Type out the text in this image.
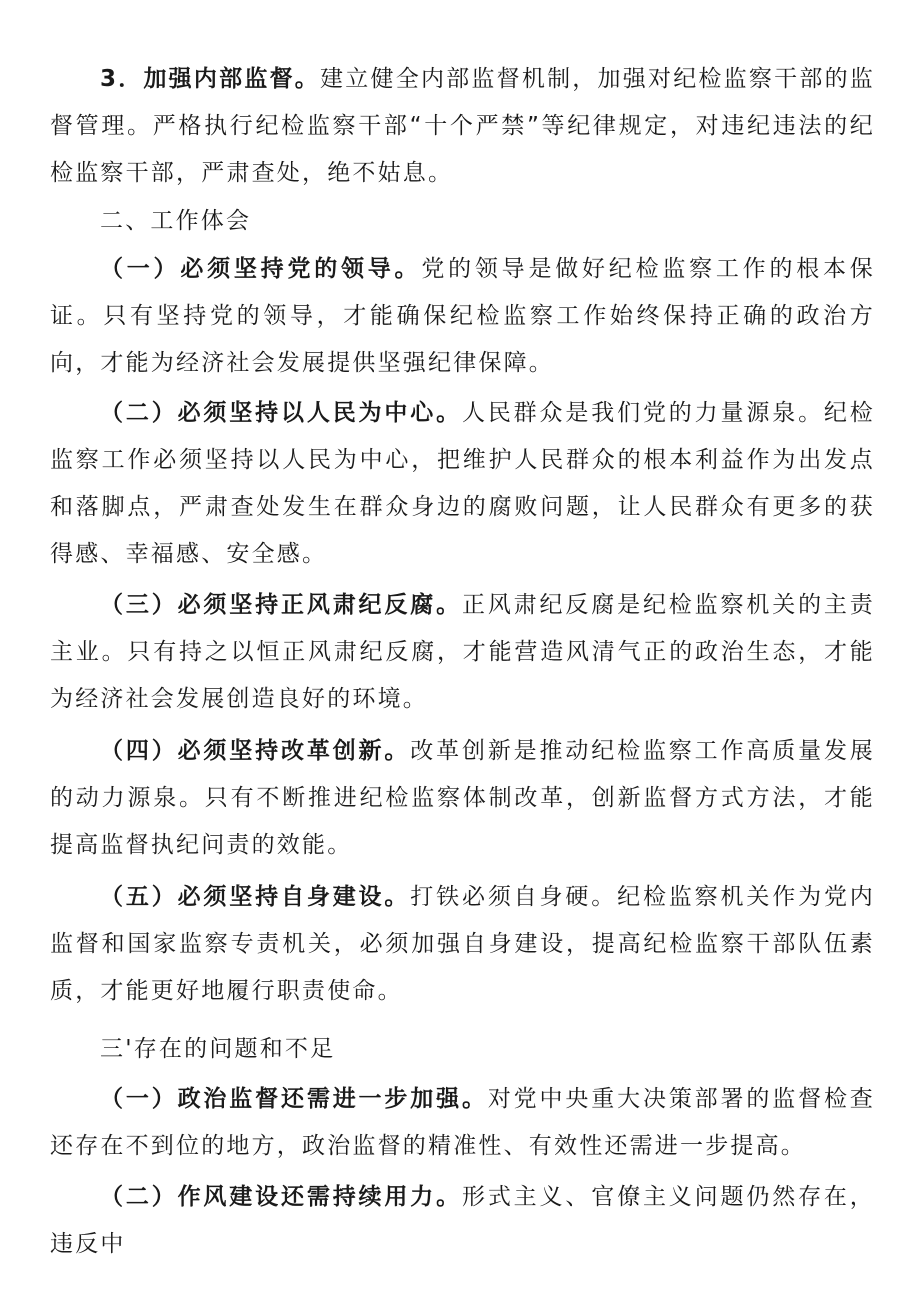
3．加强内部监督。建立健全内部监督机制，加强对纪检监察干部的监督管理。严格执行纪检监察干部“十个严禁”等纪律规定，对违纪违法的纪检监察干部，严肃查处，绝不姑息。

二、工作体会

（一）必须坚持党的领导。党的领导是做好纪检监察工作的根本保证。只有坚持党的领导，才能确保纪检监察工作始终保持正确的政治方向，才能为经济社会发展提供坚强纪律保障。

（二）必须坚持以人民为中心。人民群众是我们党的力量源泉。纪检监察工作必须坚持以人民为中心，把维护人民群众的根本利益作为出发点和落脚点，严肃查处发生在群众身边的腐败问题，让人民群众有更多的获得感、幸福感、安全感。

（三）必须坚持正风肃纪反腐。正风肃纪反腐是纪检监察机关的主责主业。只有持之以恒正风肃纪反腐，才能营造风清气正的政治生态，才能为经济社会发展创造良好的环境。

（四）必须坚持改革创新。改革创新是推动纪检监察工作高质量发展的动力源泉。只有不断推进纪检监察体制改革，创新监督方式方法，才能提高监督执纪问责的效能。

（五）必须坚持自身建设。打铁必须自身硬。纪检监察机关作为党内监督和国家监察专责机关，必须加强自身建设，提高纪检监察干部队伍素质，才能更好地履行职责使命。

三'存在的问题和不足

（一）政治监督还需进一步加强。对党中央重大决策部署的监督检查还存在不到位的地方，政治监督的精准性、有效性还需进一步提高。

（二）作风建设还需持续用力。形式主义、官僚主义问题仍然存在，违反中
